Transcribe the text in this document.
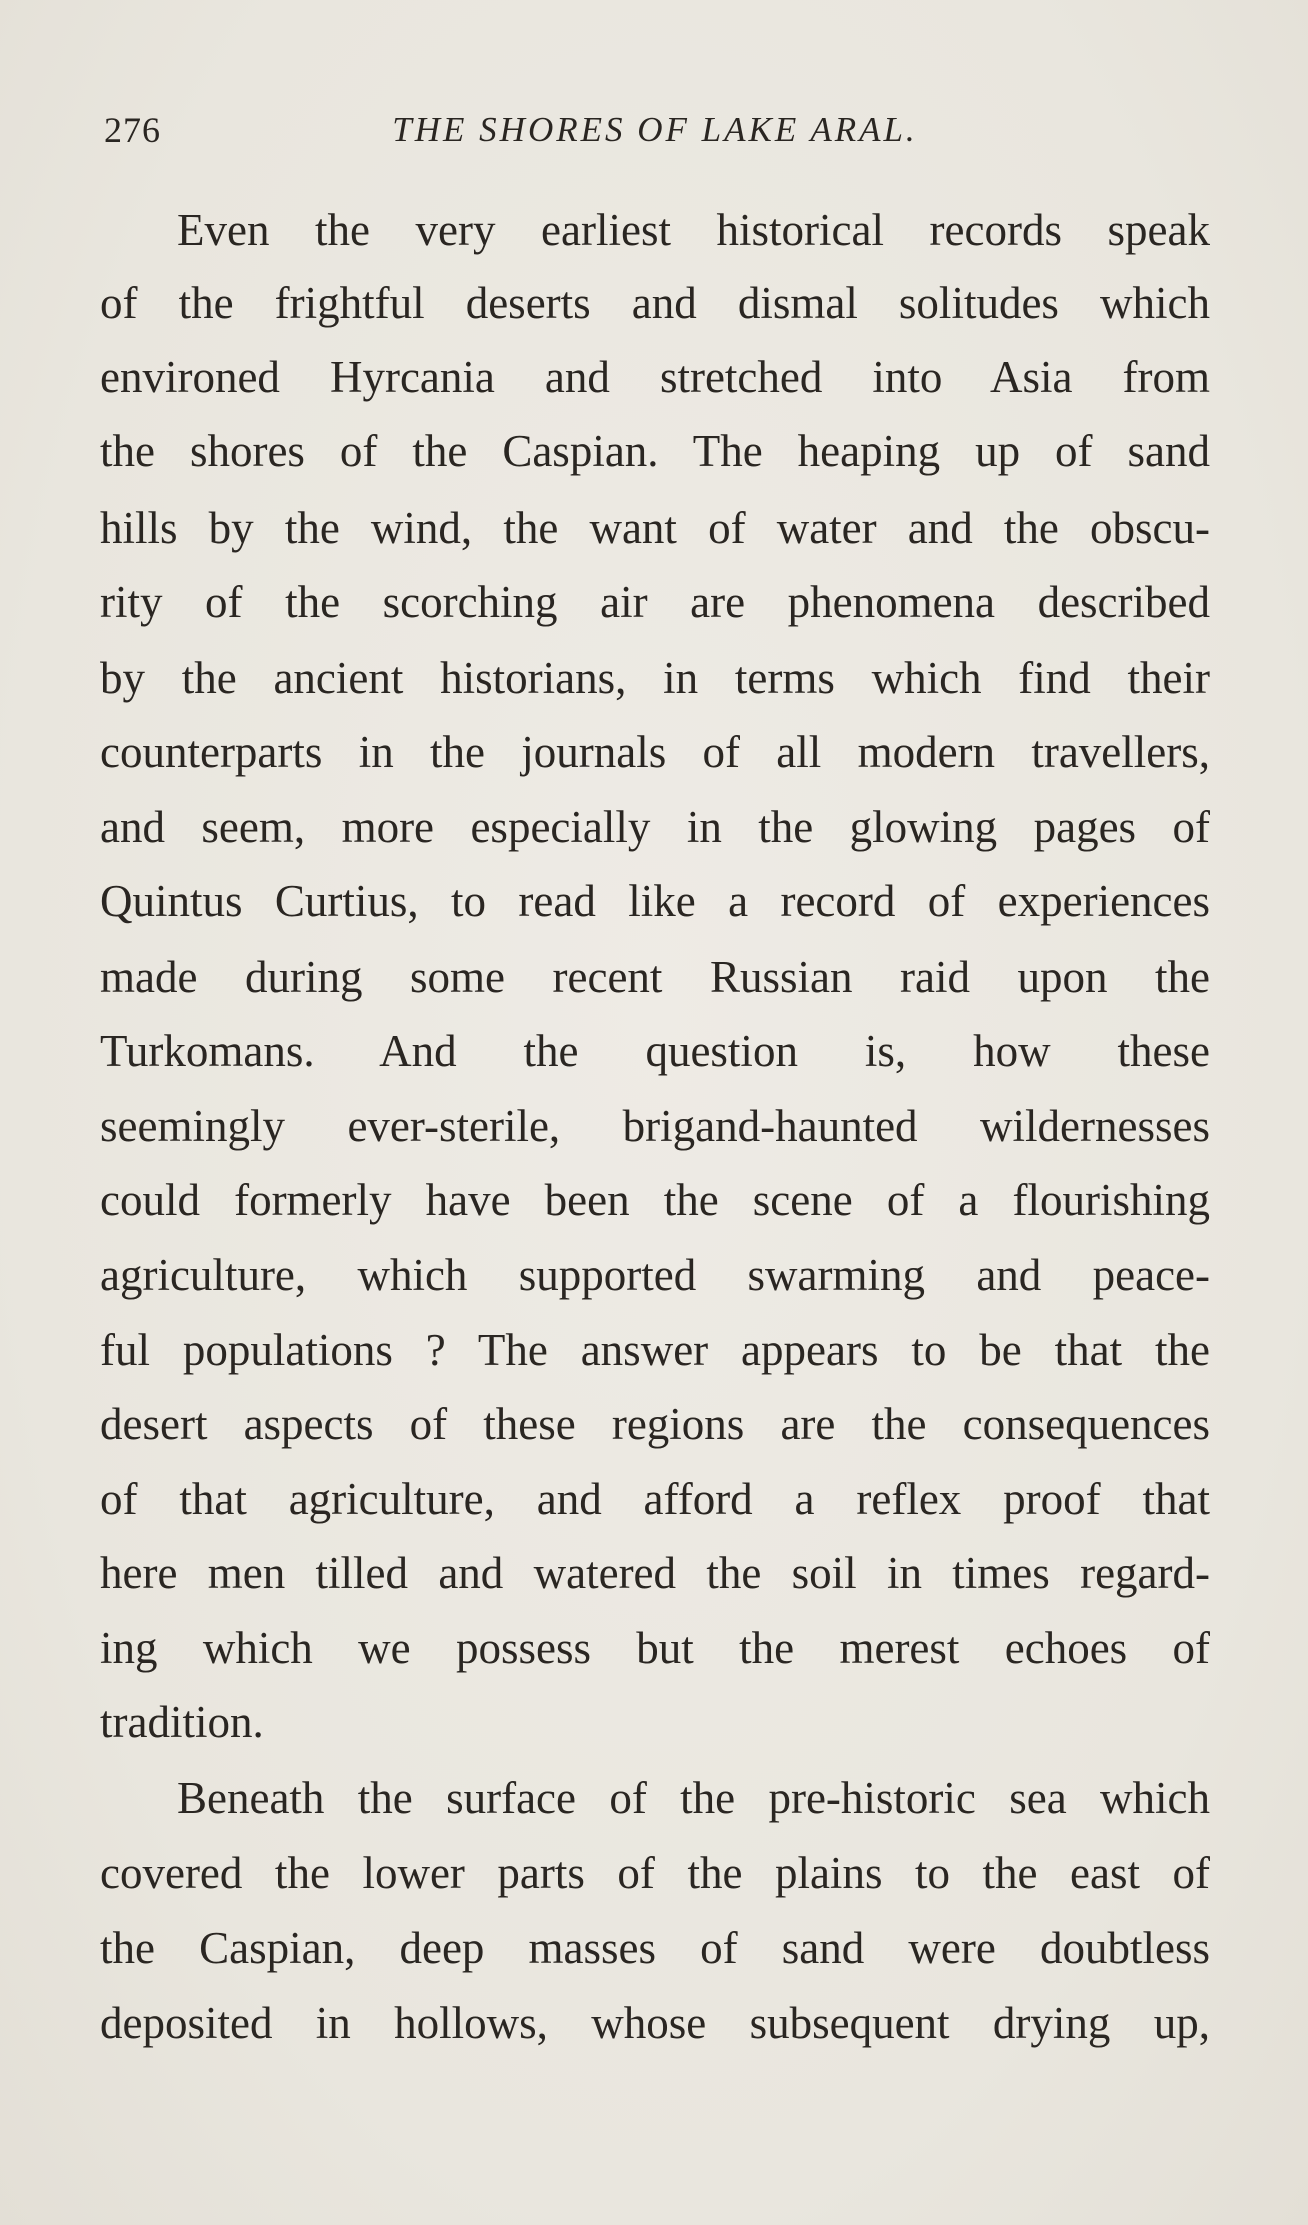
276	THE SHORES OF LAKE ARAL.
Even the very earliest historical records speak
of the frightful deserts and dismal solitudes which
environed Hyrcania and stretched into Asia from
the shores of the Caspian. The heaping up of sand
hills by the wind, the want of water and the obscu-
rity of the scorching air are phenomena described
by the ancient historians, in terms which find their
counterparts in the journals of all modern travellers,
and seem, more especially in the glowing pages of
Quintus Curtius, to read like a record of experiences
made during some recent Russian raid upon the
Turkomans. And the question is, how these
seemingly ever-sterile, brigand-haunted wildernesses
could formerly have been the scene of a flourishing
agriculture, which supported swarming and peace-
ful populations ? The answer appears to be that the
desert aspects of these regions are the consequences
of that agriculture, and afford a reflex proof that
here men tilled and watered the soil in times regard-
ing which we possess but the merest echoes of
tradition.
Beneath the surface of the pre-historic sea which
covered the lower parts of the plains to the east of
the Caspian, deep masses of sand were doubtless
deposited in hollows, whose subsequent drying up,
